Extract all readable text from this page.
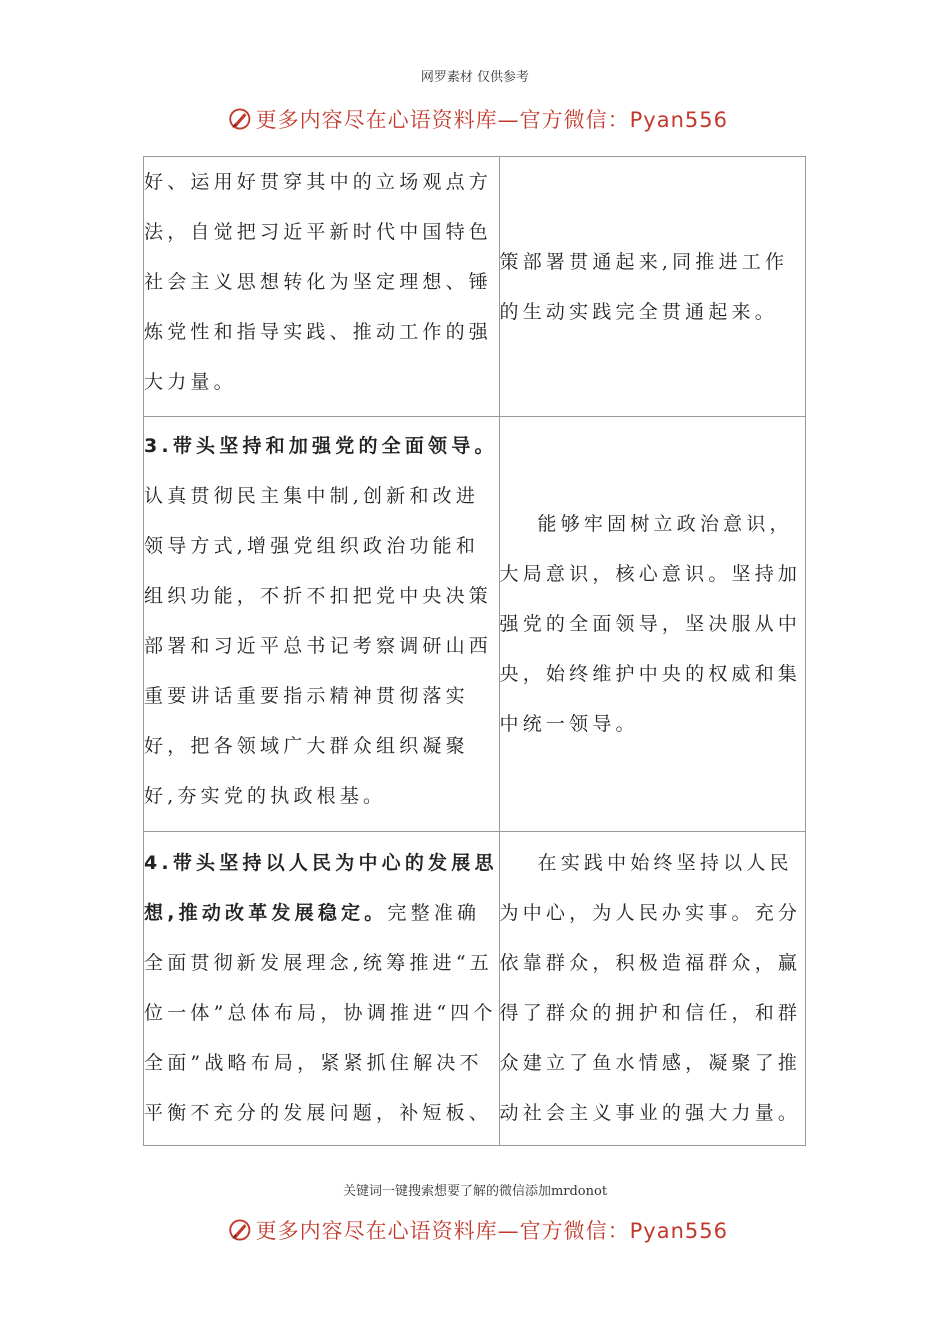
网罗素材 仅供参考
更多内容尽在心语资料库—官方微信：Pyan556
好、运用好贯穿其中的立场观点方法，自觉把习近平新时代中国特色社会主义思想转化为坚定理想、锤炼党性和指导实践、推动工作的强大力量。	策部署贯通起来,同推进工作的生动实践完全贯通起来。

3.带头坚持和加强党的全面领导。
认真贯彻民主集中制,创新和改进领导方式,增强党组织政治功能和组织功能，不折不扣把党中央决策部署和习近平总书记考察调研山西重要讲话重要指示精神贯彻落实好，把各领域广大群众组织凝聚好,夯实党的执政根基。	能够牢固树立政治意识，大局意识，核心意识。坚持加强党的全面领导，坚决服从中央，始终维护中央的权威和集中统一领导。

4.带头坚持以人民为中心的发展思想,推动改革发展稳定。完整准确全面贯彻新发展理念,统筹推进“五位一体”总体布局，协调推进“四个全面”战略布局，紧紧抓住解决不平衡不充分的发展问题，补短板、	在实践中始终坚持以人民为中心，为人民办实事。充分依靠群众，积极造福群众，赢得了群众的拥护和信任，和群众建立了鱼水情感，凝聚了推动社会主义事业的强大力量。
关键词一键搜索想要了解的微信添加mrdonot
更多内容尽在心语资料库—官方微信：Pyan556
